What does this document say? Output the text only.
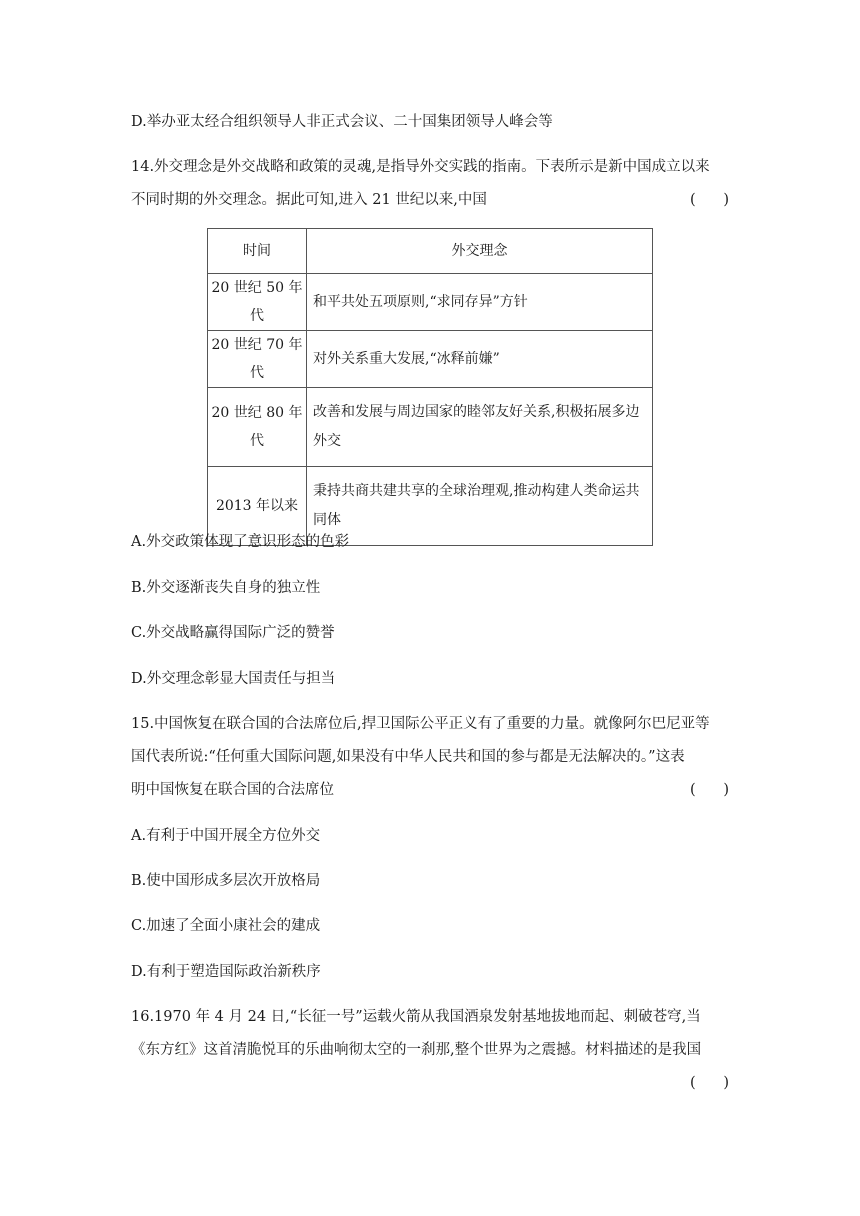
D.举办亚太经合组织领导人非正式会议、二十国集团领导人峰会等
14.外交理念是外交战略和政策的灵魂,是指导外交实践的指南。下表所示是新中国成立以来
不同时期的外交理念。据此可知,进入 21 世纪以来,中国	(      )
时间	外交理念
20 世纪 50 年代	和平共处五项原则,“求同存异”方针
20 世纪 70 年代	对外关系重大发展,“冰释前嫌”
20 世纪 80 年代	改善和发展与周边国家的睦邻友好关系,积极拓展多边外交

2013 年以来	秉持共商共建共享的全球治理观,推动构建人类命运共同体
A.外交政策体现了意识形态的色彩
B.外交逐渐丧失自身的独立性
C.外交战略赢得国际广泛的赞誉
D.外交理念彰显大国责任与担当
15.中国恢复在联合国的合法席位后,捍卫国际公平正义有了重要的力量。就像阿尔巴尼亚等
国代表所说:“任何重大国际问题,如果没有中华人民共和国的参与都是无法解决的。”这表
明中国恢复在联合国的合法席位	(      )
A.有利于中国开展全方位外交
B.使中国形成多层次开放格局
C.加速了全面小康社会的建成
D.有利于塑造国际政治新秩序
16.1970 年 4 月 24 日,“长征一号”运载火箭从我国酒泉发射基地拔地而起、刺破苍穹,当
《东方红》这首清脆悦耳的乐曲响彻太空的一刹那,整个世界为之震撼。材料描述的是我国
(      )
